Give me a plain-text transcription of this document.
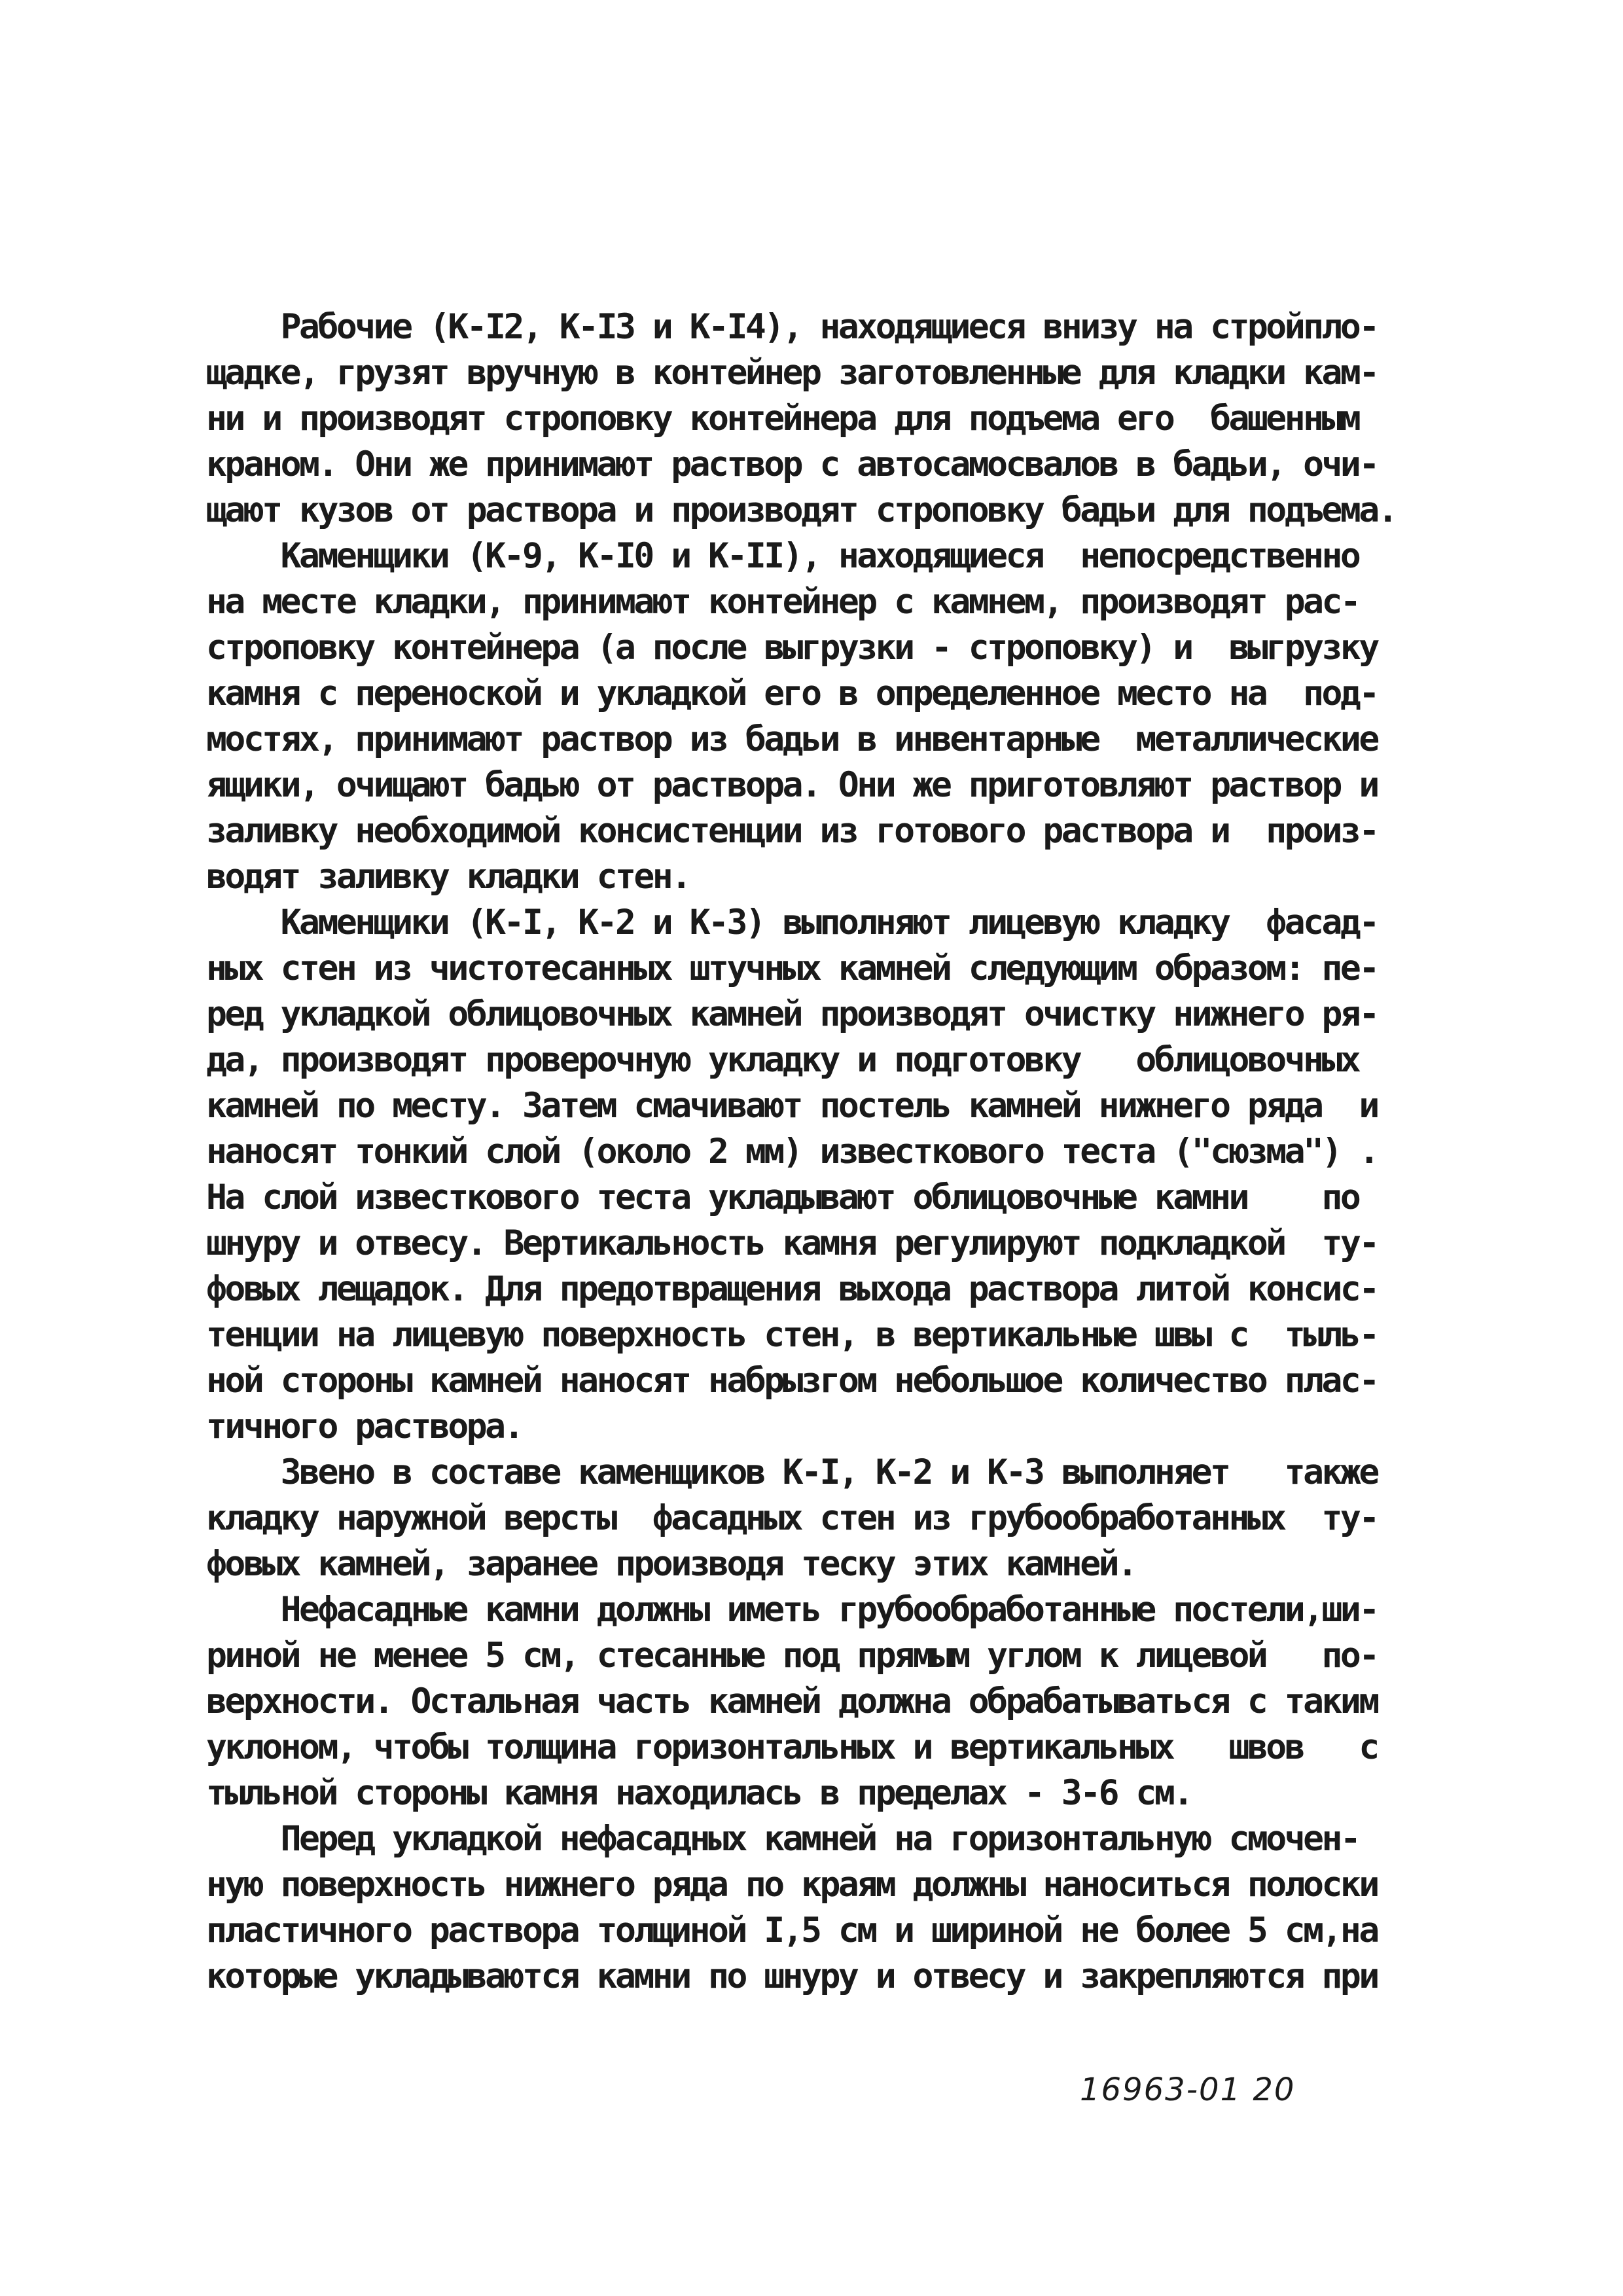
Рабочие (К-I2, К-I3 и К-I4), находящиеся внизу на стройпло-
щадке, грузят вручную в контейнер заготовленные для кладки кам-
ни и производят строповку контейнера для подъема его  башенным
краном. Они же принимают раствор с автосамосвалов в бадьи, очи-
щают кузов от раствора и производят строповку бадьи для подъема.
Каменщики (К-9, К-I0 и К-II), находящиеся  непосредственно
на месте кладки, принимают контейнер с камнем, производят рас-
строповку контейнера (а после выгрузки - строповку) и  выгрузку
камня с переноской и укладкой его в определенное место на  под-
мостях, принимают раствор из бадьи в инвентарные  металлические
ящики, очищают бадью от раствора. Они же приготовляют раствор и
заливку необходимой консистенции из готового раствора и  произ-
водят заливку кладки стен.
Каменщики (К-I, К-2 и К-3) выполняют лицевую кладку  фасад-
ных стен из чистотесанных штучных камней следующим образом: пе-
ред укладкой облицовочных камней производят очистку нижнего ря-
да, производят проверочную укладку и подготовку   облицовочных
камней по месту. Затем смачивают постель камней нижнего ряда  и
наносят тонкий слой (около 2 мм) известкового теста ("сюзма") .
На слой известкового теста укладывают облицовочные камни    по
шнуру и отвесу. Вертикальность камня регулируют подкладкой  ту-
фовых лещадок. Для предотвращения выхода раствора литой консис-
тенции на лицевую поверхность стен, в вертикальные швы с  тыль-
ной стороны камней наносят набрызгом небольшое количество плас-
тичного раствора.
Звено в составе каменщиков К-I, К-2 и К-3 выполняет   также
кладку наружной версты  фасадных стен из грубообработанных  ту-
фовых камней, заранее производя теску этих камней.
Нефасадные камни должны иметь грубообработанные постели,ши-
риной не менее 5 см, стесанные под прямым углом к лицевой   по-
верхности. Остальная часть камней должна обрабатываться с таким
уклоном, чтобы толщина горизонтальных и вертикальных   швов   с
тыльной стороны камня находилась в пределах - 3-6 см.
Перед укладкой нефасадных камней на горизонтальную смочен-
ную поверхность нижнего ряда по краям должны наноситься полоски
пластичного раствора толщиной I,5 см и шириной не более 5 см,на
которые укладываются камни по шнуру и отвесу и закрепляются при
16963-01 20
